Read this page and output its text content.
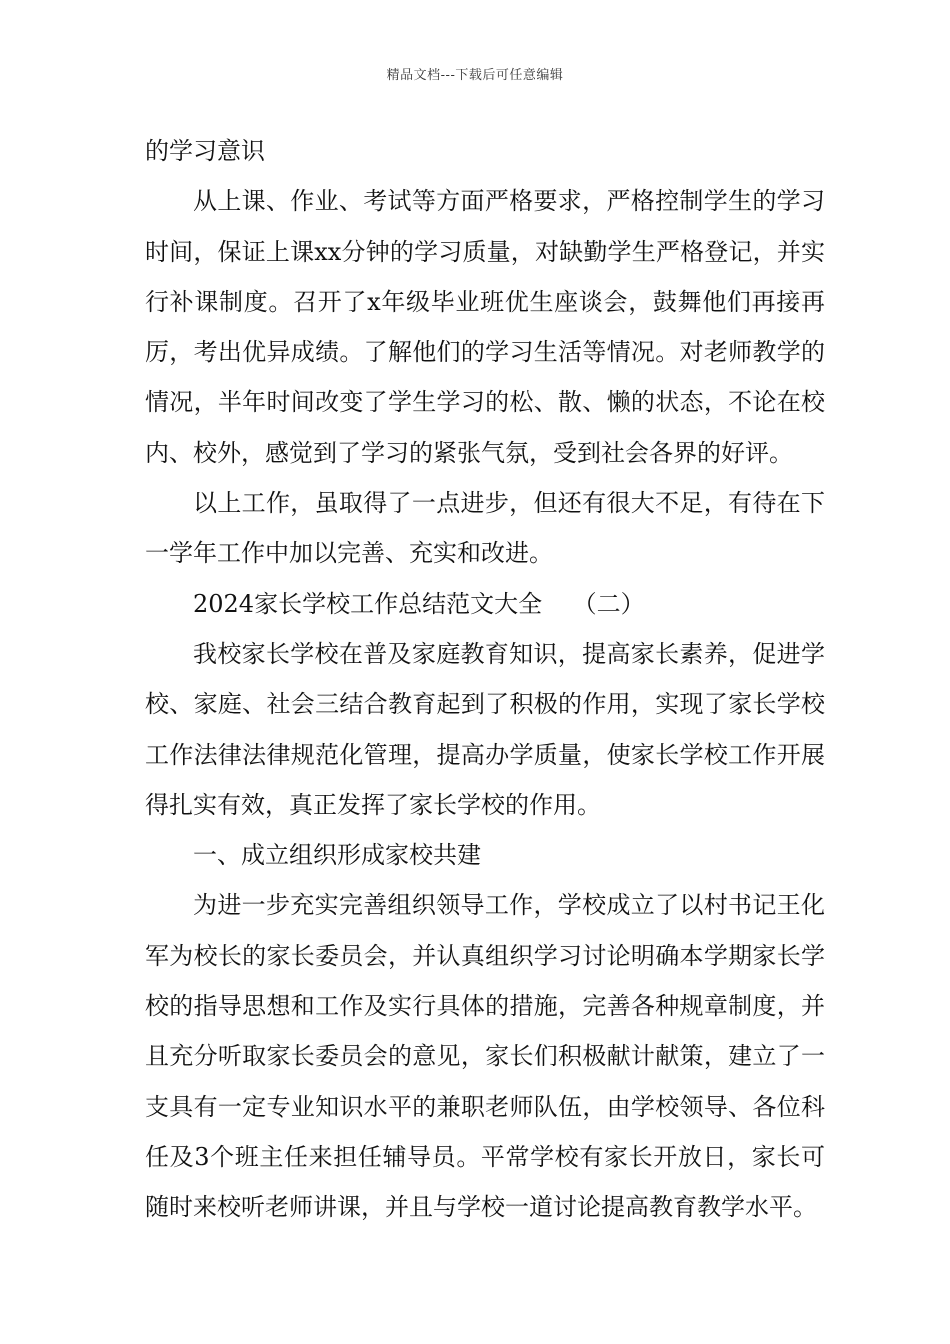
精品文档---下载后可任意编辑

的学习意识

从上课、作业、考试等方面严格要求，严格控制学生的学习时间，保证上课xx分钟的学习质量，对缺勤学生严格登记，并实行补课制度。召开了x年级毕业班优生座谈会，鼓舞他们再接再厉，考出优异成绩。了解他们的学习生活等情况。对老师教学的情况，半年时间改变了学生学习的松、散、懒的状态，不论在校内、校外，感觉到了学习的紧张气氛，受到社会各界的好评。

以上工作，虽取得了一点进步，但还有很大不足，有待在下一学年工作中加以完善、充实和改进。

2024家长学校工作总结范文大全    （二）

我校家长学校在普及家庭教育知识，提高家长素养，促进学校、家庭、社会三结合教育起到了积极的作用，实现了家长学校工作法律法律规范化管理，提高办学质量，使家长学校工作开展得扎实有效，真正发挥了家长学校的作用。

一、成立组织形成家校共建

为进一步充实完善组织领导工作，学校成立了以村书记王化军为校长的家长委员会，并认真组织学习讨论明确本学期家长学校的指导思想和工作及实行具体的措施，完善各种规章制度，并且充分听取家长委员会的意见，家长们积极献计献策，建立了一支具有一定专业知识水平的兼职老师队伍，由学校领导、各位科任及3个班主任来担任辅导员。平常学校有家长开放日，家长可随时来校听老师讲课，并且与学校一道讨论提高教育教学水平。
